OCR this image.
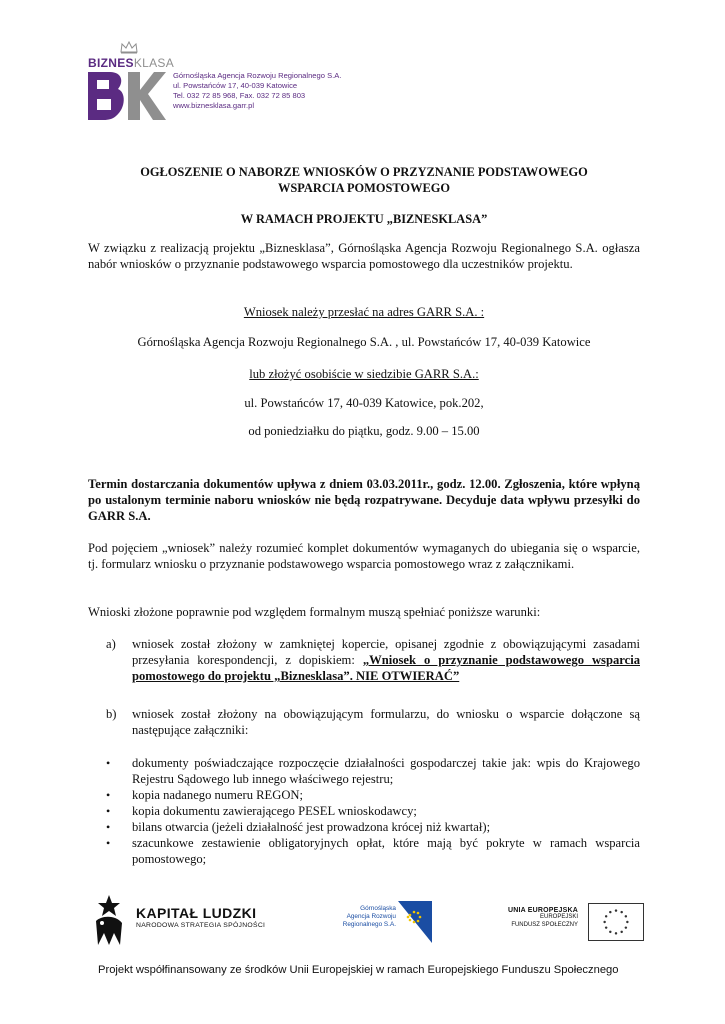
BIZNESKLASA
Górnośląska Agencja Rozwoju Regionalnego S.A.
ul. Powstańców 17, 40-039 Katowice
Tel. 032 72 85 968, Fax. 032 72 85 803
www.biznesklasa.garr.pl
OGŁOSZENIE O NABORZE WNIOSKÓW O PRZYZNANIE PODSTAWOWEGO
WSPARCIA POMOSTOWEGO
W RAMACH PROJEKTU „BIZNESKLASA”
W związku z realizacją projektu „Biznesklasa”, Górnośląska Agencja Rozwoju Regionalnego S.A. ogłasza nabór wniosków o przyznanie podstawowego wsparcia pomostowego dla uczestników projektu.
Wniosek należy przesłać na adres GARR S.A. :
Górnośląska Agencja Rozwoju Regionalnego S.A. , ul. Powstańców 17, 40-039 Katowice
lub złożyć osobiście w siedzibie GARR S.A.:
ul. Powstańców 17, 40-039 Katowice, pok.202,
od poniedziałku do piątku, godz. 9.00 – 15.00
Termin dostarczania dokumentów upływa z dniem 03.03.2011r., godz. 12.00. Zgłoszenia, które wpłyną po ustalonym terminie naboru wniosków nie będą rozpatrywane. Decyduje data wpływu przesyłki do GARR S.A.
Pod pojęciem „wniosek” należy rozumieć komplet dokumentów wymaganych do ubiegania się o wsparcie, tj. formularz wniosku o przyznanie podstawowego wsparcia pomostowego wraz z załącznikami.
Wnioski złożone poprawnie pod względem formalnym muszą spełniać poniższe warunki:
a) wniosek został złożony w zamkniętej kopercie, opisanej zgodnie z obowiązującymi zasadami przesyłania korespondencji, z dopiskiem: „Wniosek o przyznanie podstawowego wsparcia pomostowego do projektu „Biznesklasa”. NIE OTWIERAĆ”
b) wniosek został złożony na obowiązującym formularzu, do wniosku o wsparcie dołączone są następujące załączniki:
• dokumenty poświadczające rozpoczęcie działalności gospodarczej takie jak: wpis do Krajowego Rejestru Sądowego lub innego właściwego rejestru;
• kopia nadanego numeru REGON;
• kopia dokumentu zawierającego PESEL wnioskodawcy;
• bilans otwarcia (jeżeli działalność jest prowadzona krócej niż kwartał);
• szacunkowe zestawienie obligatoryjnych opłat, które mają być pokryte w ramach wsparcia pomostowego;
KAPITAŁ LUDZKI
NARODOWA STRATEGIA SPÓJNOŚCI
Górnośląska
Agencja Rozwoju
Regionalnego S.A.
UNIA EUROPEJSKA
EUROPEJSKI
FUNDUSZ SPOŁECZNY
Projekt współfinansowany ze środków Unii Europejskiej w ramach Europejskiego Funduszu Społecznego
